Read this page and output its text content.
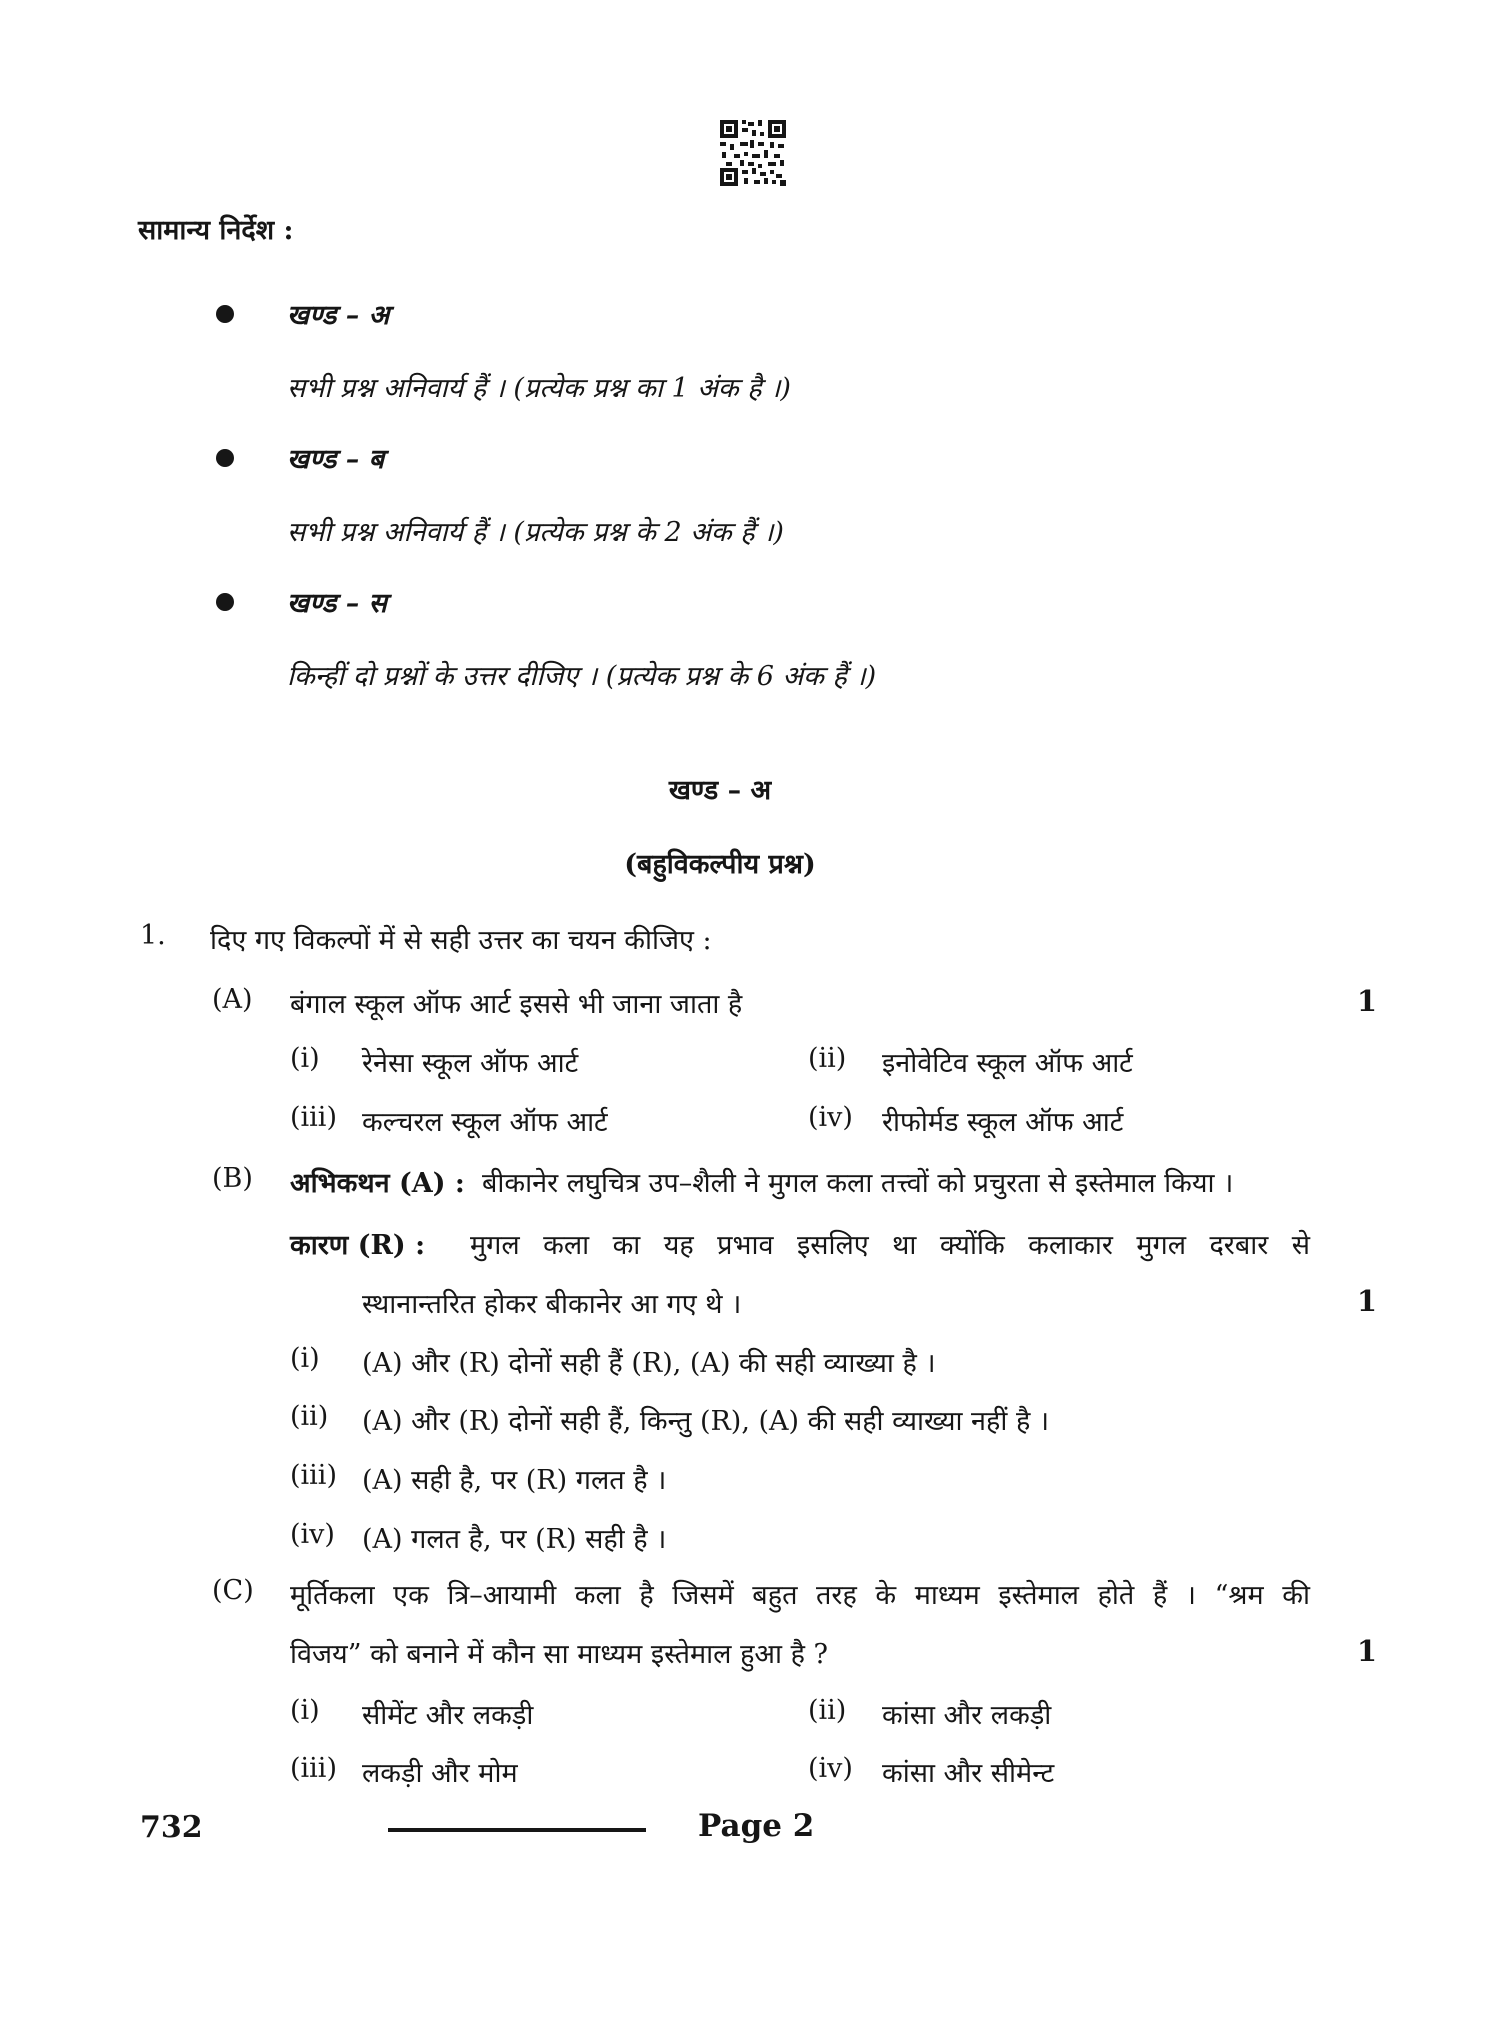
सामान्य निर्देश :
खण्ड – अ
सभी प्रश्न अनिवार्य हैं । (प्रत्येक प्रश्न का 1 अंक है ।)
खण्ड – ब
सभी प्रश्न अनिवार्य हैं । (प्रत्येक प्रश्न के 2 अंक हैं ।)
खण्ड – स
किन्हीं दो प्रश्नों के उत्तर दीजिए । (प्रत्येक प्रश्न के 6 अंक हैं ।)
खण्ड – अ
(बहुविकल्पीय प्रश्न)
1. दिए गए विकल्पों में से सही उत्तर का चयन कीजिए :
(A) बंगाल स्कूल ऑफ आर्ट इससे भी जाना जाता है	1
(i) रेनेसा स्कूल ऑफ आर्ट	(ii) इनोवेटिव स्कूल ऑफ आर्ट
(iii) कल्चरल स्कूल ऑफ आर्ट	(iv) रीफोर्मड स्कूल ऑफ आर्ट
(B) अभिकथन (A) : बीकानेर लघुचित्र उप–शैली ने मुगल कला तत्त्वों को प्रचुरता से इस्तेमाल किया ।
कारण (R) : मुगल कला का यह प्रभाव इसलिए था क्योंकि कलाकार मुगल दरबार से
स्थानान्तरित होकर बीकानेर आ गए थे ।	1
(i) (A) और (R) दोनों सही हैं (R), (A) की सही व्याख्या है ।
(ii) (A) और (R) दोनों सही हैं, किन्तु (R), (A) की सही व्याख्या नहीं है ।
(iii) (A) सही है, पर (R) गलत है ।
(iv) (A) गलत है, पर (R) सही है ।
(C) मूर्तिकला एक त्रि–आयामी कला है जिसमें बहुत तरह के माध्यम इस्तेमाल होते हैं । “श्रम की
विजय” को बनाने में कौन सा माध्यम इस्तेमाल हुआ है ?	1
(i) सीमेंट और लकड़ी	(ii) कांसा और लकड़ी
(iii) लकड़ी और मोम	(iv) कांसा और सीमेन्ट
732	Page 2
